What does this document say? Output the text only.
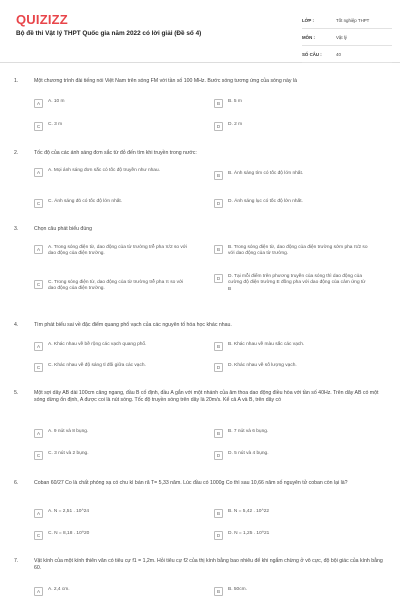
QUIZIZZ
Bộ đề thi Vật lý THPT Quốc gia năm 2022 có lời giải (Đề số 4)
LỚP :	Tốt nghiệp THPT
MÔN :	Vật lý
SỐ CÂU :	40
1.	Một chương trình đài tiếng nói Việt Nam trên sóng FM với tần số 100 MHz. Bước sóng tương ứng của sóng này là
A	A. 10 m	B	B. 5 m
C	C. 3 m	D	D. 2 m
2.	Tốc độ của các ánh sáng đơn sắc từ đỏ đến tím khi truyền trong nước:
A	A. Mọi ánh sáng đơn sắc có tốc độ truyền như nhau.
B	B. Ánh sáng tím có tốc độ lớn nhất.
C	C. Ánh sáng đỏ có tốc độ lớn nhất.	D	D. Ánh sáng lục có tốc độ lớn nhất.
3.	Chọn câu phát biểu đúng
A	A. Trong sóng điện từ, dao động của từ trường trễ pha π/2 so với dao động của điện trường.
B	B. Trong sóng điện từ, dao động của điện trường sớm pha π/2 so với dao động của từ trường.
C	C. Trong sóng điện từ, dao động của từ trường trễ pha π so với dao động của điện trường.
D	D. Tại mỗi điểm trên phương truyền của sóng thì dao động của cường độ điện trường E đồng pha với dao động của cảm ứng từ B
4.	Tìm phát biểu sai về đặc điểm quang phổ vạch của các nguyên tố hóa học khác nhau.
A	A. Khác nhau về bề rộng các vạch quang phổ.	B	B. Khác nhau về màu sắc các vạch.
C	C. Khác nhau về độ sáng tỉ đối giữa các vạch.	D	D. Khác nhau về số lượng vạch.
5.	Một sợi dây AB dài 100cm căng ngang, đầu B cố định, đầu A gắn với một nhánh của âm thoa dao động điều hòa với tần số 40Hz. Trên dây AB có một sóng dừng ổn định, A được coi là nút sóng. Tốc độ truyền sóng trên dây là 20m/s. Kể cả A và B, trên dây có
A	A. 9 nút và 8 bụng.	B	B. 7 nút và 6 bụng.
C	C. 3 nút và 2 bụng.	D	D. 5 nút và 4 bụng.
6.	Coban 60/27 Co là chất phóng xạ có chu kì bán rã T= 5,33 năm. Lúc đầu có 1000g Co thì sau 10,66 năm số nguyên tử coban còn lại là?
A	A. N = 2,51 . 10^24	B	B. N = 5,42 . 10^22
C	C. N = 8,18 . 10^20	D	D. N = 1,25 . 10^21
7.	Vật kính của một kính thiên văn có tiêu cự f1 = 1,2m. Hỏi tiêu cự f2 của thị kính bằng bao nhiêu để khi ngắm chừng ở vô cực, độ bội giác của kính bằng 60.
A	A. 2,4 cm.	B	B. 50cm.
